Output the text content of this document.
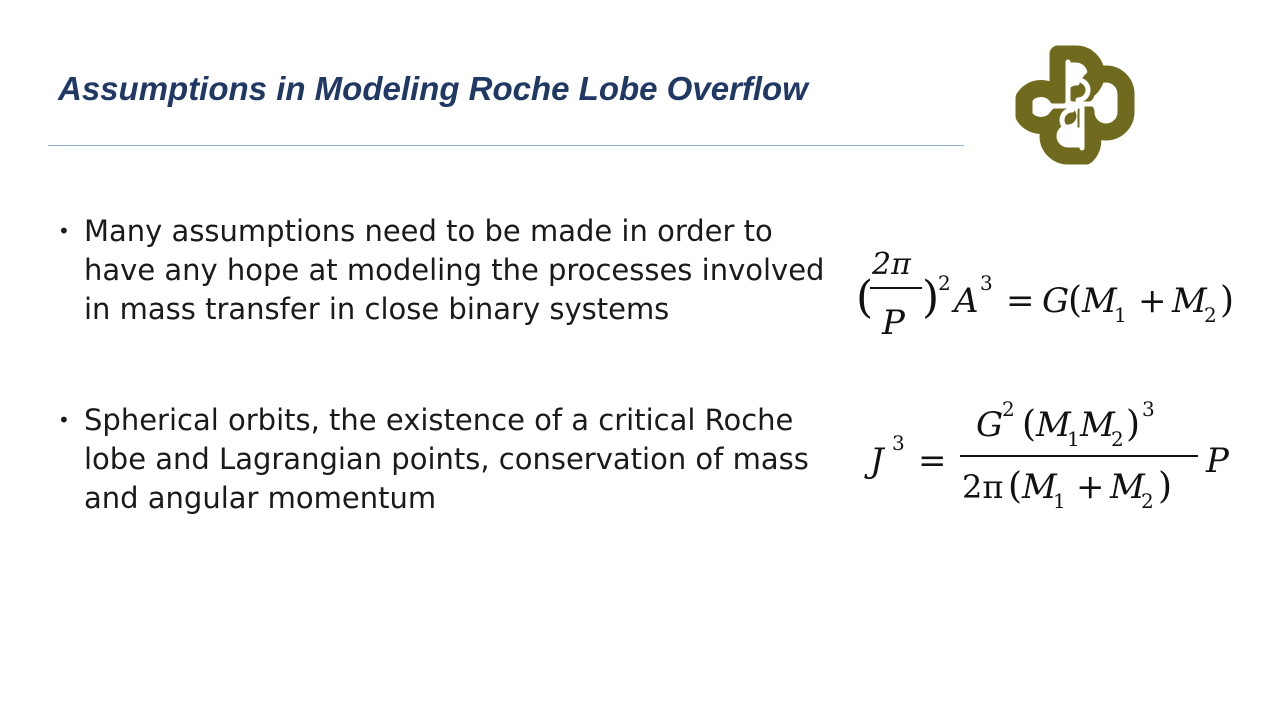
Assumptions in Modeling Roche Lobe Overflow
• Many assumptions need to be made in order to have any hope at modeling the processes involved in mass transfer in close binary systems
• Spherical orbits, the existence of a critical Roche lobe and Lagrangian points, conservation of mass and angular momentum
(
2π
P )
2 A 3 = G
( M
1 + M
2 )
J 3 =
G
2 ( M
1 M
2 ) 3
2π ( M
1 + M
2 )
P
